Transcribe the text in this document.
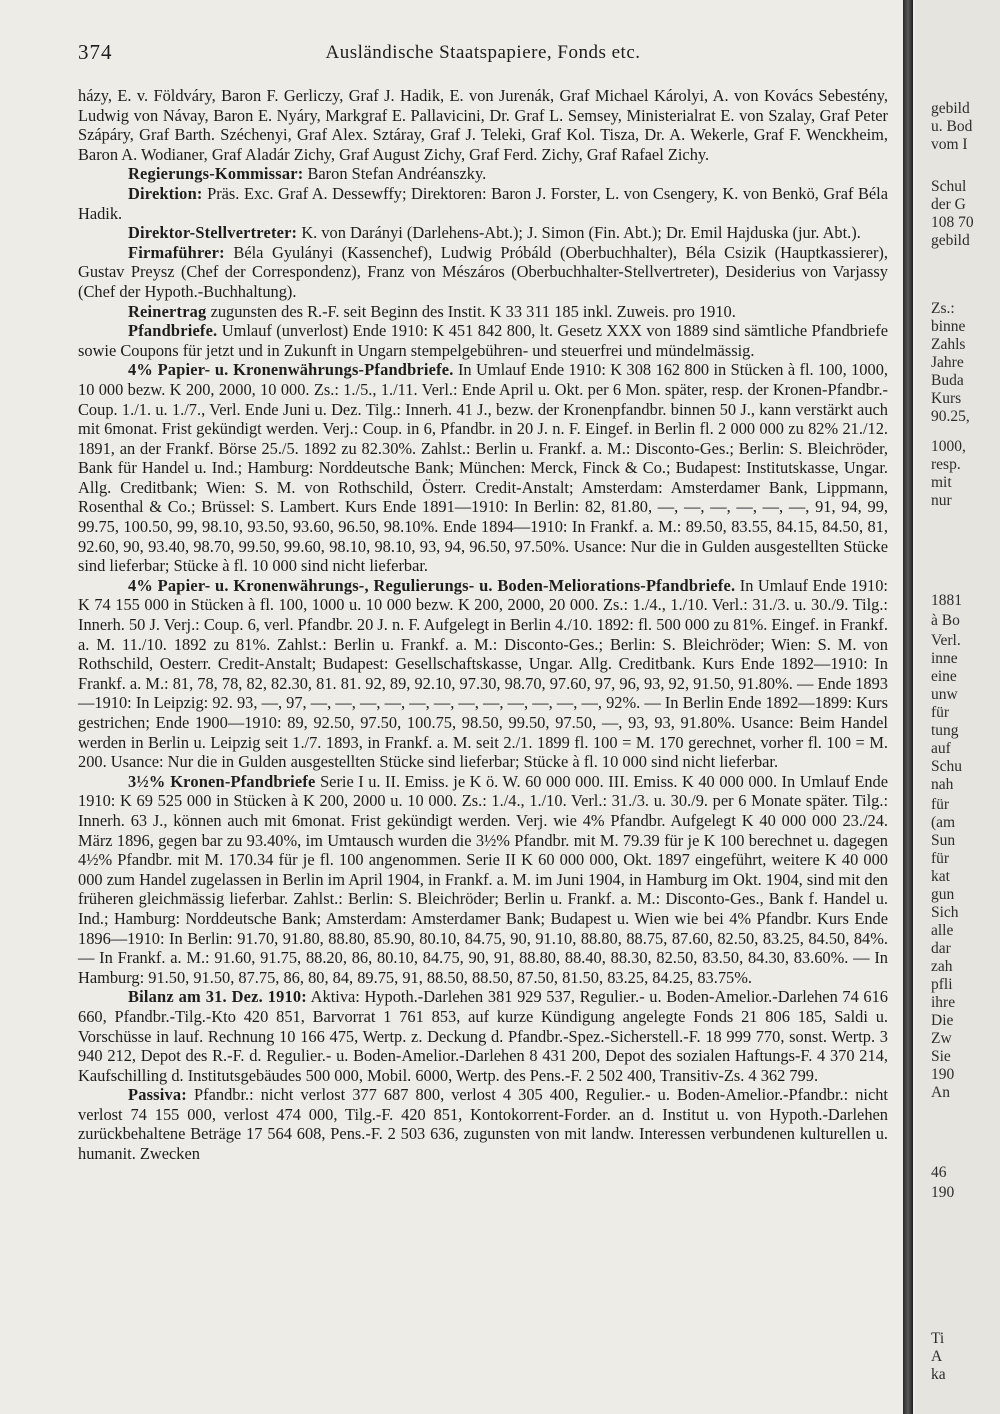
374	Ausländische Staatspapiere, Fonds etc.

házy, E. v. Földváry, Baron F. Gerliczy, Graf J. Hadik, E. von Jurenák, Graf Michael Károlyi, A. von Kovács Sebestény, Ludwig von Návay, Baron E. Nyáry, Markgraf E. Pallavicini, Dr. Graf L. Semsey, Ministerialrat E. von Szalay, Graf Peter Szápáry, Graf Barth. Széchenyi, Graf Alex. Sztáray, Graf J. Teleki, Graf Kol. Tisza, Dr. A. Wekerle, Graf F. Wenckheim, Baron A. Wodianer, Graf Aladár Zichy, Graf August Zichy, Graf Ferd. Zichy, Graf Rafael Zichy.

Regierungs-Kommissar: Baron Stefan Andréanszky.

Direktion: Präs. Exc. Graf A. Dessewffy; Direktoren: Baron J. Forster, L. von Csengery, K. von Benkö, Graf Béla Hadik.

Direktor-Stellvertreter: K. von Darányi (Darlehens-Abt.); J. Simon (Fin. Abt.); Dr. Emil Hajduska (jur. Abt.).

Firmaführer: Béla Gyulányi (Kassenchef), Ludwig Próbáld (Oberbuchhalter), Béla Csizik (Hauptkassierer), Gustav Preysz (Chef der Correspondenz), Franz von Mészáros (Oberbuchhalter-Stellvertreter), Desiderius von Varjassy (Chef der Hypoth.-Buchhaltung).

Reinertrag zugunsten des R.-F. seit Beginn des Instit. K 33 311 185 inkl. Zuweis. pro 1910.

Pfandbriefe. Umlauf (unverlost) Ende 1910: K 451 842 800, lt. Gesetz XXX von 1889 sind sämtliche Pfandbriefe sowie Coupons für jetzt und in Zukunft in Ungarn stempelgebühren- und steuerfrei und mündelmässig.

4% Papier- u. Kronenwährungs-Pfandbriefe. In Umlauf Ende 1910: K 308 162 800 in Stücken à fl. 100, 1000, 10 000 bezw. K 200, 2000, 10 000. Zs.: 1./5., 1./11. Verl.: Ende April u. Okt. per 6 Mon. später, resp. der Kronen-Pfandbr.-Coup. 1./1. u. 1./7., Verl. Ende Juni u. Dez. Tilg.: Innerh. 41 J., bezw. der Kronenpfandbr. binnen 50 J., kann verstärkt auch mit 6monat. Frist gekündigt werden. Verj.: Coup. in 6, Pfandbr. in 20 J. n. F. Eingef. in Berlin fl. 2 000 000 zu 82% 21./12. 1891, an der Frankf. Börse 25./5. 1892 zu 82.30%. Zahlst.: Berlin u. Frankf. a. M.: Disconto-Ges.; Berlin: S. Bleichröder, Bank für Handel u. Ind.; Hamburg: Norddeutsche Bank; München: Merck, Finck & Co.; Budapest: Institutskasse, Ungar. Allg. Creditbank; Wien: S. M. von Rothschild, Österr. Credit-Anstalt; Amsterdam: Amsterdamer Bank, Lippmann, Rosenthal & Co.; Brüssel: S. Lambert. Kurs Ende 1891—1910: In Berlin: 82, 81.80, —, —, —, —, —, —, 91, 94, 99, 99.75, 100.50, 99, 98.10, 93.50, 93.60, 96.50, 98.10%. Ende 1894—1910: In Frankf. a. M.: 89.50, 83.55, 84.15, 84.50, 81, 92.60, 90, 93.40, 98.70, 99.50, 99.60, 98.10, 98.10, 93, 94, 96.50, 97.50%. Usance: Nur die in Gulden ausgestellten Stücke sind lieferbar; Stücke à fl. 10 000 sind nicht lieferbar.

4% Papier- u. Kronenwährungs-, Regulierungs- u. Boden-Meliorations-Pfandbriefe. In Umlauf Ende 1910: K 74 155 000 in Stücken à fl. 100, 1000 u. 10 000 bezw. K 200, 2000, 20 000. Zs.: 1./4., 1./10. Verl.: 31./3. u. 30./9. Tilg.: Innerh. 50 J. Verj.: Coup. 6, verl. Pfandbr. 20 J. n. F. Aufgelegt in Berlin 4./10. 1892: fl. 500 000 zu 81%. Eingef. in Frankf. a. M. 11./10. 1892 zu 81%. Zahlst.: Berlin u. Frankf. a. M.: Disconto-Ges.; Berlin: S. Bleichröder; Wien: S. M. von Rothschild, Oesterr. Credit-Anstalt; Budapest: Gesellschaftskasse, Ungar. Allg. Creditbank. Kurs Ende 1892—1910: In Frankf. a. M.: 81, 78, 78, 82, 82.30, 81. 81. 92, 89, 92.10, 97.30, 98.70, 97.60, 97, 96, 93, 92, 91.50, 91.80%. — Ende 1893—1910: In Leipzig: 92. 93, —, 97, —, —, —, —, —, —, —, —, —, —, —, —, 92%. — In Berlin Ende 1892—1899: Kurs gestrichen; Ende 1900—1910: 89, 92.50, 97.50, 100.75, 98.50, 99.50, 97.50, —, 93, 93, 91.80%. Usance: Beim Handel werden in Berlin u. Leipzig seit 1./7. 1893, in Frankf. a. M. seit 2./1. 1899 fl. 100 = M. 170 gerechnet, vorher fl. 100 = M. 200. Usance: Nur die in Gulden ausgestellten Stücke sind lieferbar; Stücke à fl. 10 000 sind nicht lieferbar.

3½% Kronen-Pfandbriefe Serie I u. II. Emiss. je K ö. W. 60 000 000. III. Emiss. K 40 000 000. In Umlauf Ende 1910: K 69 525 000 in Stücken à K 200, 2000 u. 10 000. Zs.: 1./4., 1./10. Verl.: 31./3. u. 30./9. per 6 Monate später. Tilg.: Innerh. 63 J., können auch mit 6monat. Frist gekündigt werden. Verj. wie 4% Pfandbr. Aufgelegt K 40 000 000 23./24. März 1896, gegen bar zu 93.40%, im Umtausch wurden die 3½% Pfandbr. mit M. 79.39 für je K 100 berechnet u. dagegen 4½% Pfandbr. mit M. 170.34 für je fl. 100 angenommen. Serie II K 60 000 000, Okt. 1897 eingeführt, weitere K 40 000 000 zum Handel zugelassen in Berlin im April 1904, in Frankf. a. M. im Juni 1904, in Hamburg im Okt. 1904, sind mit den früheren gleichmässig lieferbar. Zahlst.: Berlin: S. Bleichröder; Berlin u. Frankf. a. M.: Disconto-Ges., Bank f. Handel u. Ind.; Hamburg: Norddeutsche Bank; Amsterdam: Amsterdamer Bank; Budapest u. Wien wie bei 4% Pfandbr. Kurs Ende 1896—1910: In Berlin: 91.70, 91.80, 88.80, 85.90, 80.10, 84.75, 90, 91.10, 88.80, 88.75, 87.60, 82.50, 83.25, 84.50, 84%. — In Frankf. a. M.: 91.60, 91.75, 88.20, 86, 80.10, 84.75, 90, 91, 88.80, 88.40, 88.30, 82.50, 83.50, 84.30, 83.60%. — In Hamburg: 91.50, 91.50, 87.75, 86, 80, 84, 89.75, 91, 88.50, 88.50, 87.50, 81.50, 83.25, 84.25, 83.75%.

Bilanz am 31. Dez. 1910: Aktiva: Hypoth.-Darlehen 381 929 537, Regulier.- u. Boden-Amelior.-Darlehen 74 616 660, Pfandbr.-Tilg.-Kto 420 851, Barvorrat 1 761 853, auf kurze Kündigung angelegte Fonds 21 806 185, Saldi u. Vorschüsse in lauf. Rechnung 10 166 475, Wertp. z. Deckung d. Pfandbr.-Spez.-Sicherstell.-F. 18 999 770, sonst. Wertp. 3 940 212, Depot des R.-F. d. Regulier.- u. Boden-Amelior.-Darlehen 8 431 200, Depot des sozialen Haftungs-F. 4 370 214, Kaufschilling d. Institutsgebäudes 500 000, Mobil. 6000, Wertp. des Pens.-F. 2 502 400, Transitiv-Zs. 4 362 799.

Passiva: Pfandbr.: nicht verlost 377 687 800, verlost 4 305 400, Regulier.- u. Boden-Amelior.-Pfandbr.: nicht verlost 74 155 000, verlost 474 000, Tilg.-F. 420 851, Kontokorrent-Forder. an d. Institut u. von Hypoth.-Darlehen zurückbehaltene Beträge 17 564 608, Pens.-F. 2 503 636, zugunsten von mit landw. Interessen verbundenen kulturellen u. humanit. Zwecken

gebild
u. Bod
vom I
Schul
der G
108 70
gebild
Zs.:
binne
Zahls
Jahre
Buda
Kurs
90.25,
1000,
resp.
mit
nur
1881
à Bo
Verl.
inne
eine
unw
für
tung
auf
Schu
nah
für
(am
Sun
für
kat
gun
Sich
alle
dar
zah
pfli
ihre
Die
Zw
Sie
190
An
46
190
Ti
A
ka
